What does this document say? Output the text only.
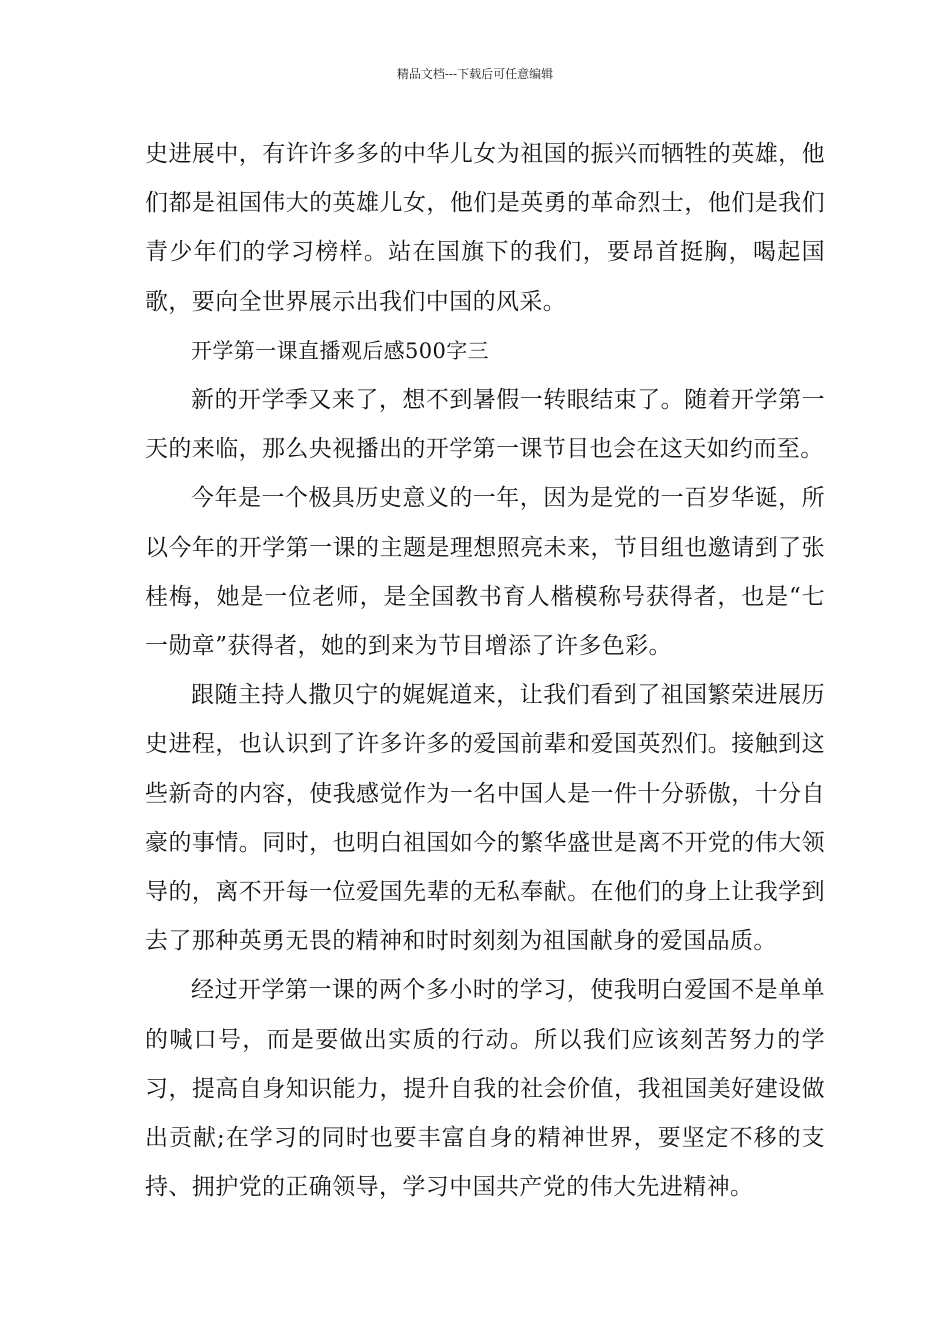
精品文档---下载后可任意编辑

史进展中，有许许多多的中华儿女为祖国的振兴而牺牲的英雄，他们都是祖国伟大的英雄儿女，他们是英勇的革命烈士，他们是我们青少年们的学习榜样。站在国旗下的我们，要昂首挺胸，喝起国歌，要向全世界展示出我们中国的风采。

开学第一课直播观后感500字三

新的开学季又来了，想不到暑假一转眼结束了。随着开学第一天的来临，那么央视播出的开学第一课节目也会在这天如约而至。

今年是一个极具历史意义的一年，因为是党的一百岁华诞，所以今年的开学第一课的主题是理想照亮未来，节目组也邀请到了张桂梅，她是一位老师，是全国教书育人楷模称号获得者，也是“七一勋章”获得者，她的到来为节目增添了许多色彩。

跟随主持人撒贝宁的娓娓道来，让我们看到了祖国繁荣进展历史进程，也认识到了许多许多的爱国前辈和爱国英烈们。接触到这些新奇的内容，使我感觉作为一名中国人是一件十分骄傲，十分自豪的事情。同时，也明白祖国如今的繁华盛世是离不开党的伟大领导的，离不开每一位爱国先辈的无私奉献。在他们的身上让我学到去了那种英勇无畏的精神和时时刻刻为祖国献身的爱国品质。

经过开学第一课的两个多小时的学习，使我明白爱国不是单单的喊口号，而是要做出实质的行动。所以我们应该刻苦努力的学习，提高自身知识能力，提升自我的社会价值，我祖国美好建设做出贡献;在学习的同时也要丰富自身的精神世界，要坚定不移的支持、拥护党的正确领导，学习中国共产党的伟大先进精神。
